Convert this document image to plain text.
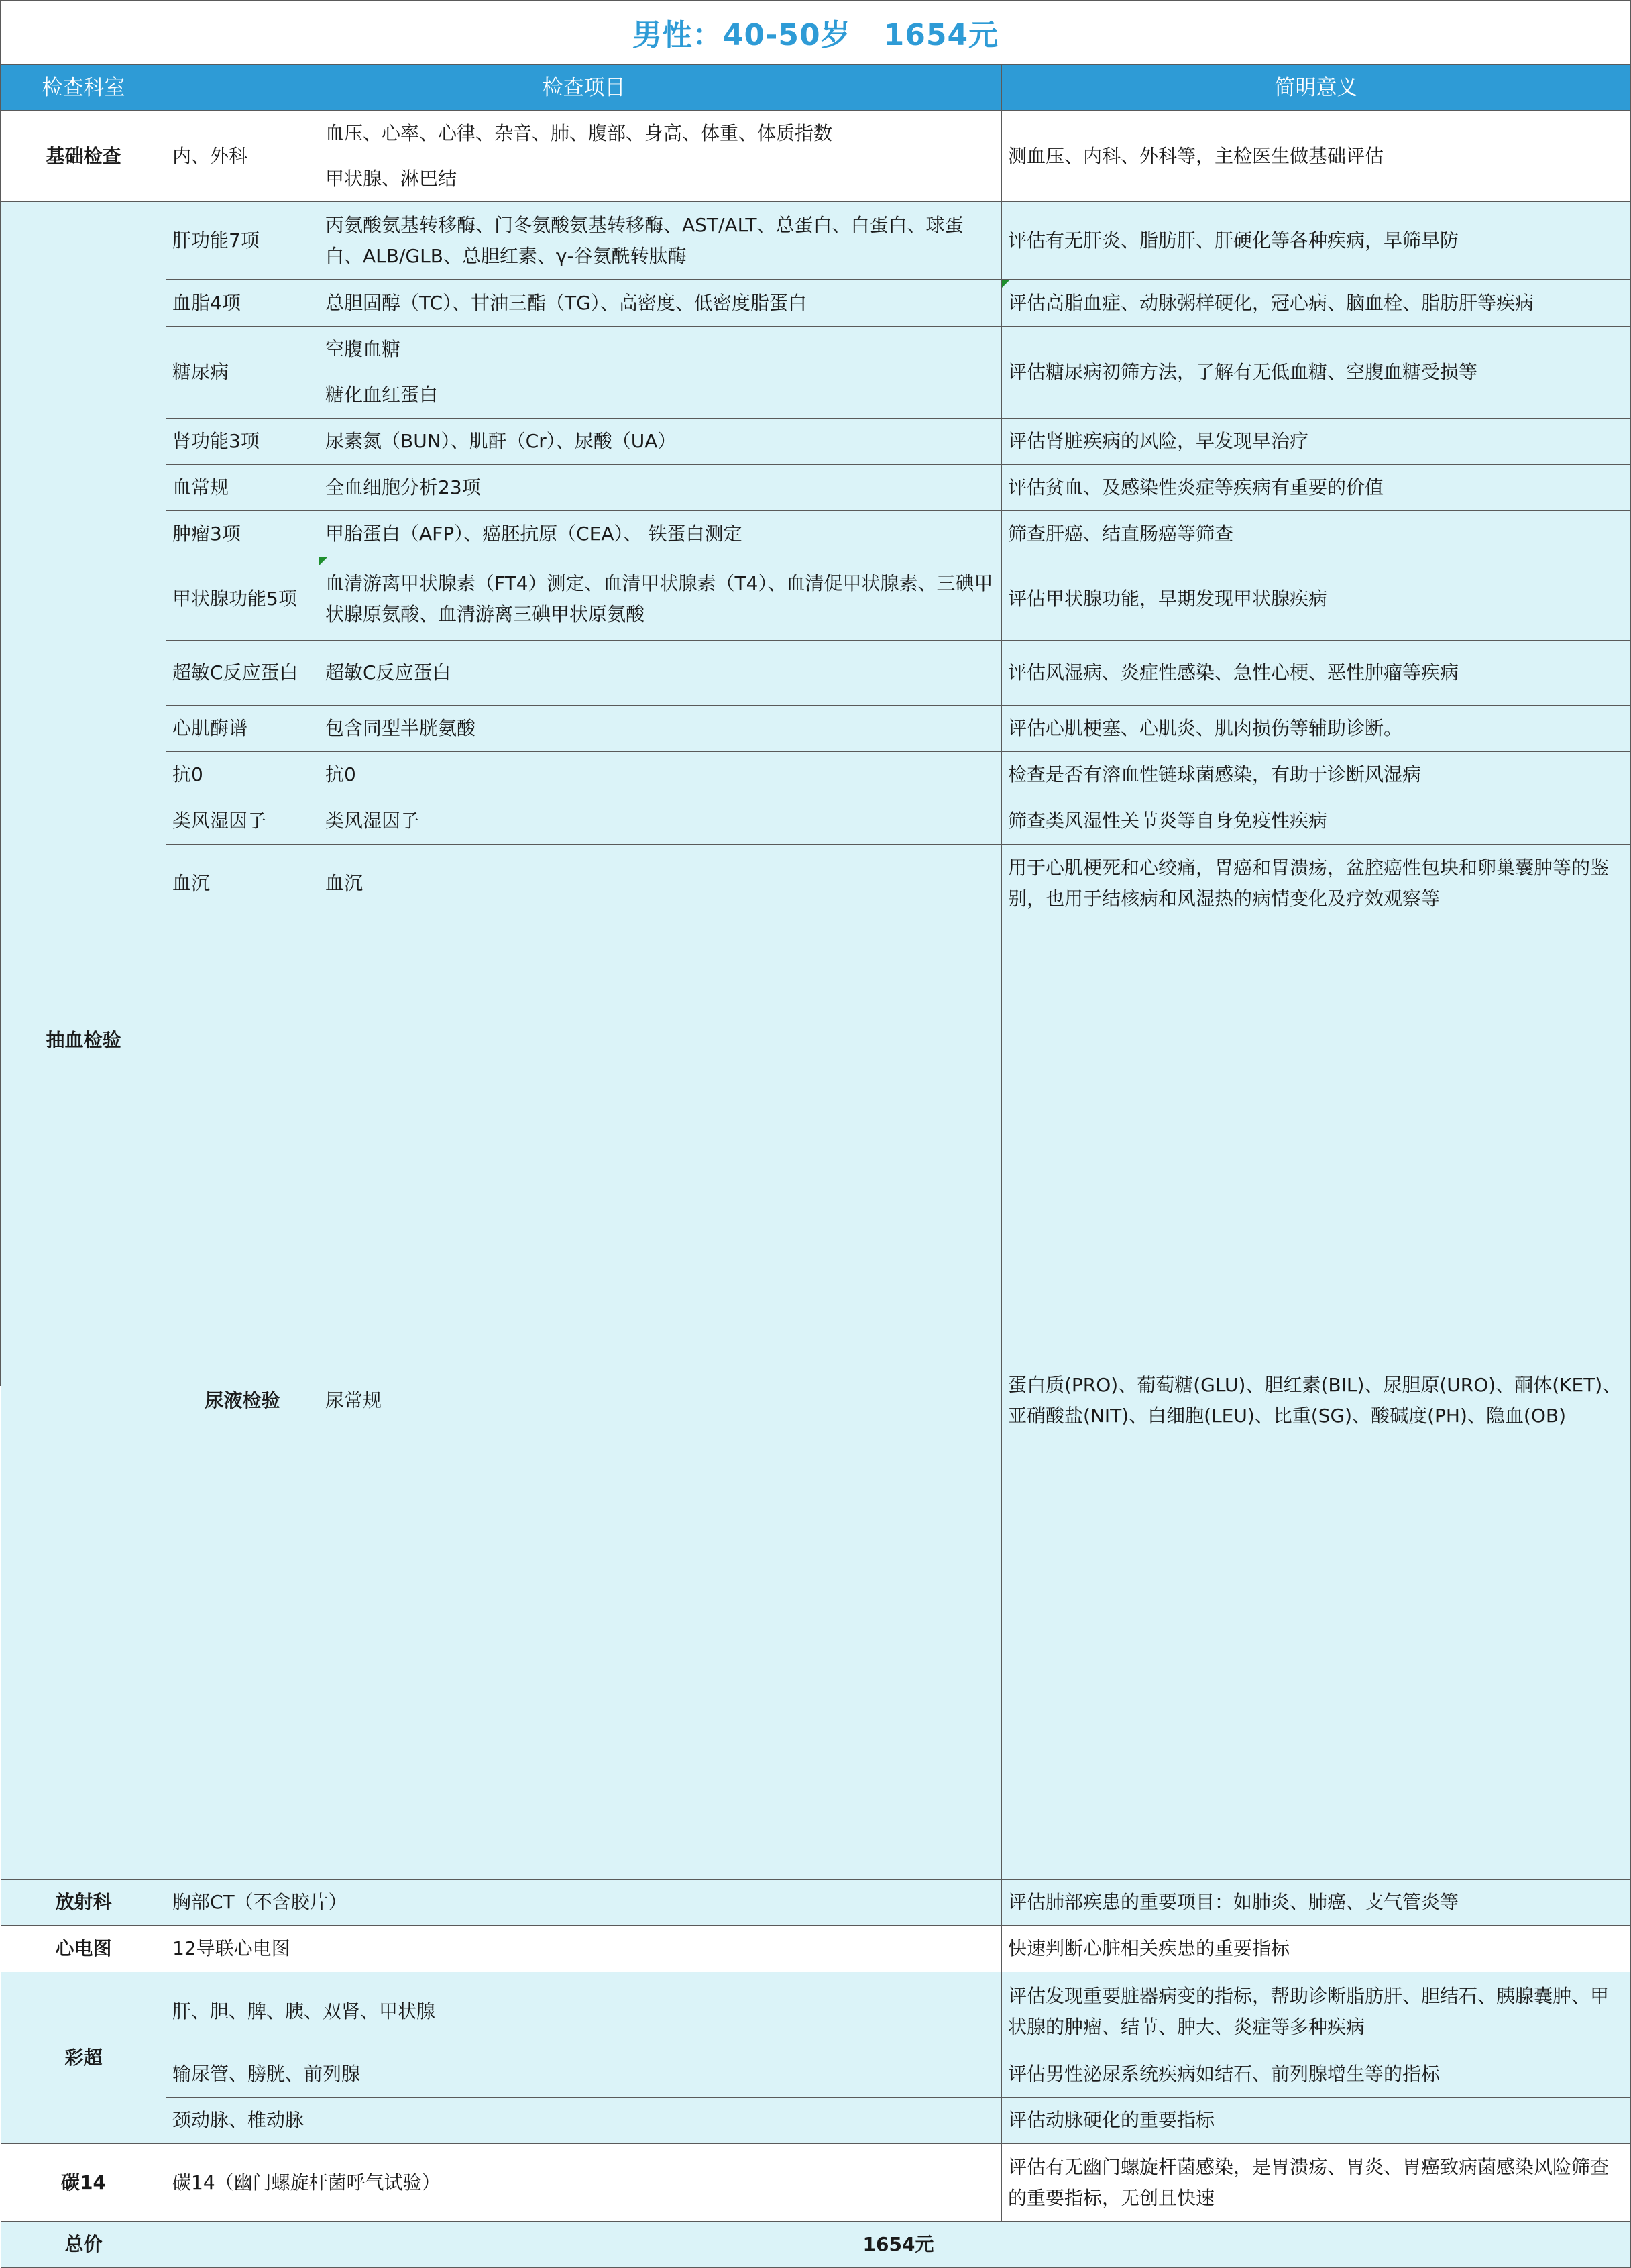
男性：40-50岁   1654元
检查科室	检查项目		简明意义	
基础检查	内、外科	血压、心率、心律、杂音、肺、腹部、身高、体重、体质指数	测血压、内科、外科等，主检医生做基础评估	
		甲状腺、淋巴结		
抽血检验	肝功能7项	丙氨酸氨基转移酶、门冬氨酸氨基转移酶、AST/ALT、总蛋白、白蛋白、球蛋白、ALB/GLB、总胆红素、γ-谷氨酰转肽酶	评估有无肝炎、脂肪肝、肝硬化等各种疾病，早筛早防	
	血脂4项	总胆固醇（TC）、甘油三酯（TG）、高密度、低密度脂蛋白	评估高脂血症、动脉粥样硬化，冠心病、脑血栓、脂肪肝等疾病	
	糖尿病	空腹血糖	评估糖尿病初筛方法，了解有无低血糖、空腹血糖受损等	
		糖化血红蛋白		
	肾功能3项	尿素氮（BUN）、肌酐（Cr）、尿酸（UA）	评估肾脏疾病的风险，早发现早治疗	
	血常规	全血细胞分析23项	评估贫血、及感染性炎症等疾病有重要的价值	
	肿瘤3项	甲胎蛋白（AFP）、癌胚抗原（CEA）、 铁蛋白测定	筛查肝癌、结直肠癌等筛查	
	甲状腺功能5项	血清游离甲状腺素（FT4）测定、血清甲状腺素（T4）、血清促甲状腺素、三碘甲状腺原氨酸、血清游离三碘甲状原氨酸	评估甲状腺功能，早期发现甲状腺疾病	
	超敏C反应蛋白	超敏C反应蛋白	评估风湿病、炎症性感染、急性心梗、恶性肿瘤等疾病	
	心肌酶谱	包含同型半胱氨酸	评估心肌梗塞、心肌炎、肌肉损伤等辅助诊断。	
	抗0	抗0	检查是否有溶血性链球菌感染，有助于诊断风湿病	
	类风湿因子	类风湿因子	筛查类风湿性关节炎等自身免疫性疾病	
	血沉	血沉	用于心肌梗死和心绞痛，胃癌和胃溃疡，盆腔癌性包块和卵巢囊肿等的鉴别，也用于结核病和风湿热的病情变化及疗效观察等	
	尿液检验	尿常规	蛋白质(PRO)、葡萄糖(GLU)、胆红素(BIL)、尿胆原(URO)、酮体(KET)、亚硝酸盐(NIT)、白细胞(LEU)、比重(SG)、酸碱度(PH)、隐血(OB)	
放射科	胸部CT（不含胶片）		评估肺部疾患的重要项目：如肺炎、肺癌、支气管炎等	
心电图	12导联心电图		快速判断心脏相关疾患的重要指标	
彩超	肝、胆、脾、胰、双肾、甲状腺		评估发现重要脏器病变的指标，帮助诊断脂肪肝、胆结石、胰腺囊肿、甲状腺的肿瘤、结节、肿大、炎症等多种疾病	
	输尿管、膀胱、前列腺		评估男性泌尿系统疾病如结石、前列腺增生等的指标	
	颈动脉、椎动脉		评估动脉硬化的重要指标	
碳14	碳14（幽门螺旋杆菌呼气试验）		评估有无幽门螺旋杆菌感染，是胃溃疡、胃炎、胃癌致病菌感染风险筛查的重要指标，无创且快速	
总价	1654元			
